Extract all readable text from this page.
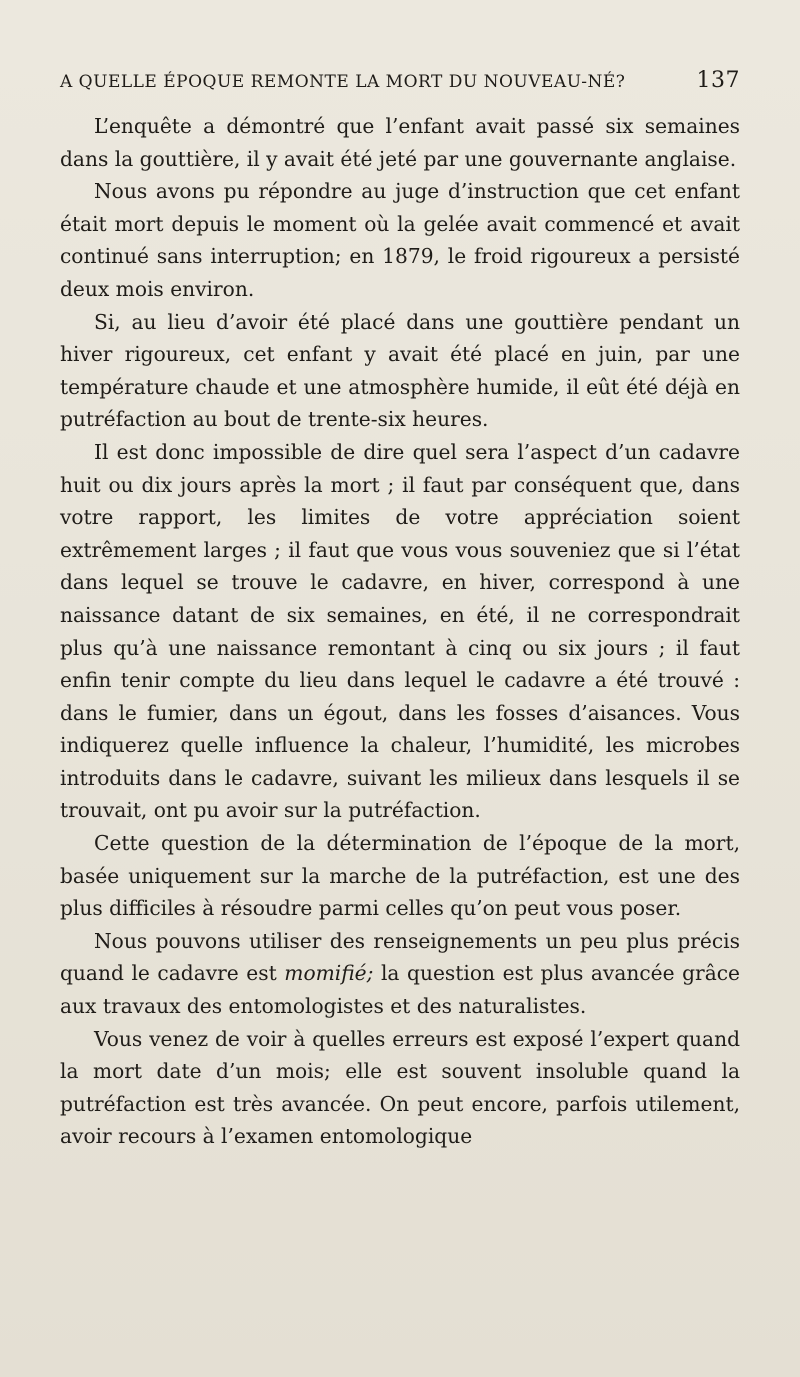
A QUELLE ÉPOQUE REMONTE LA MORT DU NOUVEAU-NÉ?	137

L’enquête a démontré que l’enfant avait passé six semaines dans la gouttière, il y avait été jeté par une gouvernante anglaise.

Nous avons pu répondre au juge d’instruction que cet enfant était mort depuis le moment où la gelée avait commencé et avait continué sans interruption; en 1879, le froid rigoureux a persisté deux mois environ.

Si, au lieu d’avoir été placé dans une gouttière pendant un hiver rigoureux, cet enfant y avait été placé en juin, par une température chaude et une atmosphère humide, il eût été déjà en putréfaction au bout de trente-six heures.

Il est donc impossible de dire quel sera l’aspect d’un cadavre huit ou dix jours après la mort ; il faut par conséquent que, dans votre rapport, les limites de votre appréciation soient extrêmement larges ; il faut que vous vous souveniez que si l’état dans lequel se trouve le cadavre, en hiver, correspond à une naissance datant de six semaines, en été, il ne correspondrait plus qu’à une naissance remontant à cinq ou six jours ; il faut enfin tenir compte du lieu dans lequel le cadavre a été trouvé : dans le fumier, dans un égout, dans les fosses d’aisances. Vous indiquerez quelle influence la chaleur, l’humidité, les microbes introduits dans le cadavre, suivant les milieux dans lesquels il se trouvait, ont pu avoir sur la putréfaction.

Cette question de la détermination de l’époque de la mort, basée uniquement sur la marche de la putréfaction, est une des plus difficiles à résoudre parmi celles qu’on peut vous poser.

Nous pouvons utiliser des renseignements un peu plus précis quand le cadavre est momifié; la question est plus avancée grâce aux travaux des entomologistes et des naturalistes.

Vous venez de voir à quelles erreurs est exposé l’expert quand la mort date d’un mois; elle est souvent insoluble quand la putréfaction est très avancée. On peut encore, parfois utilement, avoir recours à l’examen entomologique
